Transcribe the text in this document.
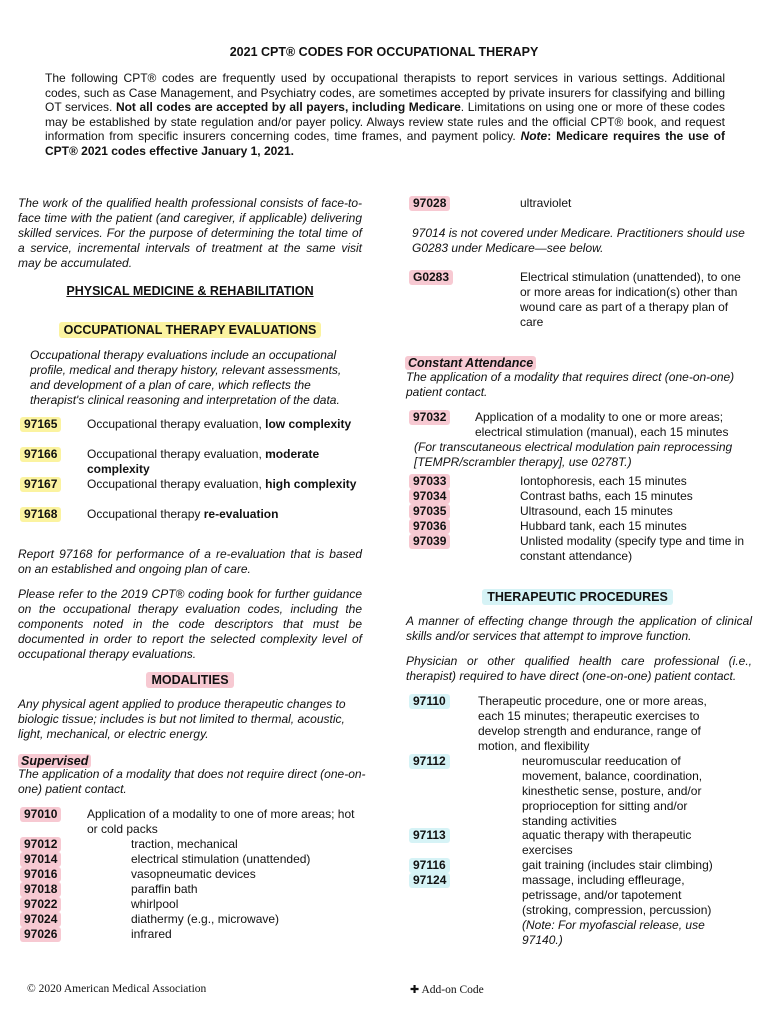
2021 CPT® CODES FOR OCCUPATIONAL THERAPY
The following CPT® codes are frequently used by occupational therapists to report services in various settings. Additional codes, such as Case Management, and Psychiatry codes, are sometimes accepted by private insurers for classifying and billing OT services. Not all codes are accepted by all payers, including Medicare. Limitations on using one or more of these codes may be established by state regulation and/or payer policy. Always review state rules and the official CPT® book, and request information from specific insurers concerning codes, time frames, and payment policy. Note: Medicare requires the use of CPT® 2021 codes effective January 1, 2021.
The work of the qualified health professional consists of face-to-face time with the patient (and caregiver, if applicable) delivering skilled services. For the purpose of determining the total time of a service, incremental intervals of treatment at the same visit may be accumulated.
PHYSICAL MEDICINE & REHABILITATION
OCCUPATIONAL THERAPY EVALUATIONS
Occupational therapy evaluations include an occupational profile, medical and therapy history, relevant assessments, and development of a plan of care, which reflects the therapist's clinical reasoning and interpretation of the data.
97165	Occupational therapy evaluation, low complexity
97166	Occupational therapy evaluation, moderate complexity
97167	Occupational therapy evaluation, high complexity
97168	Occupational therapy re-evaluation
Report 97168 for performance of a re-evaluation that is based on an established and ongoing plan of care.
Please refer to the 2019 CPT® coding book for further guidance on the occupational therapy evaluation codes, including the components noted in the code descriptors that must be documented in order to report the selected complexity level of occupational therapy evaluations.
MODALITIES
Any physical agent applied to produce therapeutic changes to biologic tissue; includes is but not limited to thermal, acoustic, light, mechanical, or electric energy.
Supervised
The application of a modality that does not require direct (one-on-one) patient contact.
97010	Application of a modality to one of more areas; hot or cold packs
97012	traction, mechanical
97014	electrical stimulation (unattended)
97016	vasopneumatic devices
97018	paraffin bath
97022	whirlpool
97024	diathermy (e.g., microwave)
97026	infrared
97028	ultraviolet
97014 is not covered under Medicare. Practitioners should use G0283 under Medicare—see below.
G0283	Electrical stimulation (unattended), to one or more areas for indication(s) other than wound care as part of a therapy plan of care
Constant Attendance
The application of a modality that requires direct (one-on-one) patient contact.
97032	Application of a modality to one or more areas; electrical stimulation (manual), each 15 minutes
(For transcutaneous electrical modulation pain reprocessing [TEMPR/scrambler therapy], use 0278T.)
97033	Iontophoresis, each 15 minutes
97034	Contrast baths, each 15 minutes
97035	Ultrasound, each 15 minutes
97036	Hubbard tank, each 15 minutes
97039	Unlisted modality (specify type and time in constant attendance)
THERAPEUTIC PROCEDURES
A manner of effecting change through the application of clinical skills and/or services that attempt to improve function.
Physician or other qualified health care professional (i.e., therapist) required to have direct (one-on-one) patient contact.
97110	Therapeutic procedure, one or more areas, each 15 minutes; therapeutic exercises to develop strength and endurance, range of motion, and flexibility
97112	neuromuscular reeducation of movement, balance, coordination, kinesthetic sense, posture, and/or proprioception for sitting and/or standing activities
97113	aquatic therapy with therapeutic exercises
97116	gait training (includes stair climbing)
97124	massage, including effleurage, petrissage, and/or tapotement (stroking, compression, percussion)
(Note: For myofascial release, use 97140.)
© 2020 American Medical Association	✚ Add-on Code
